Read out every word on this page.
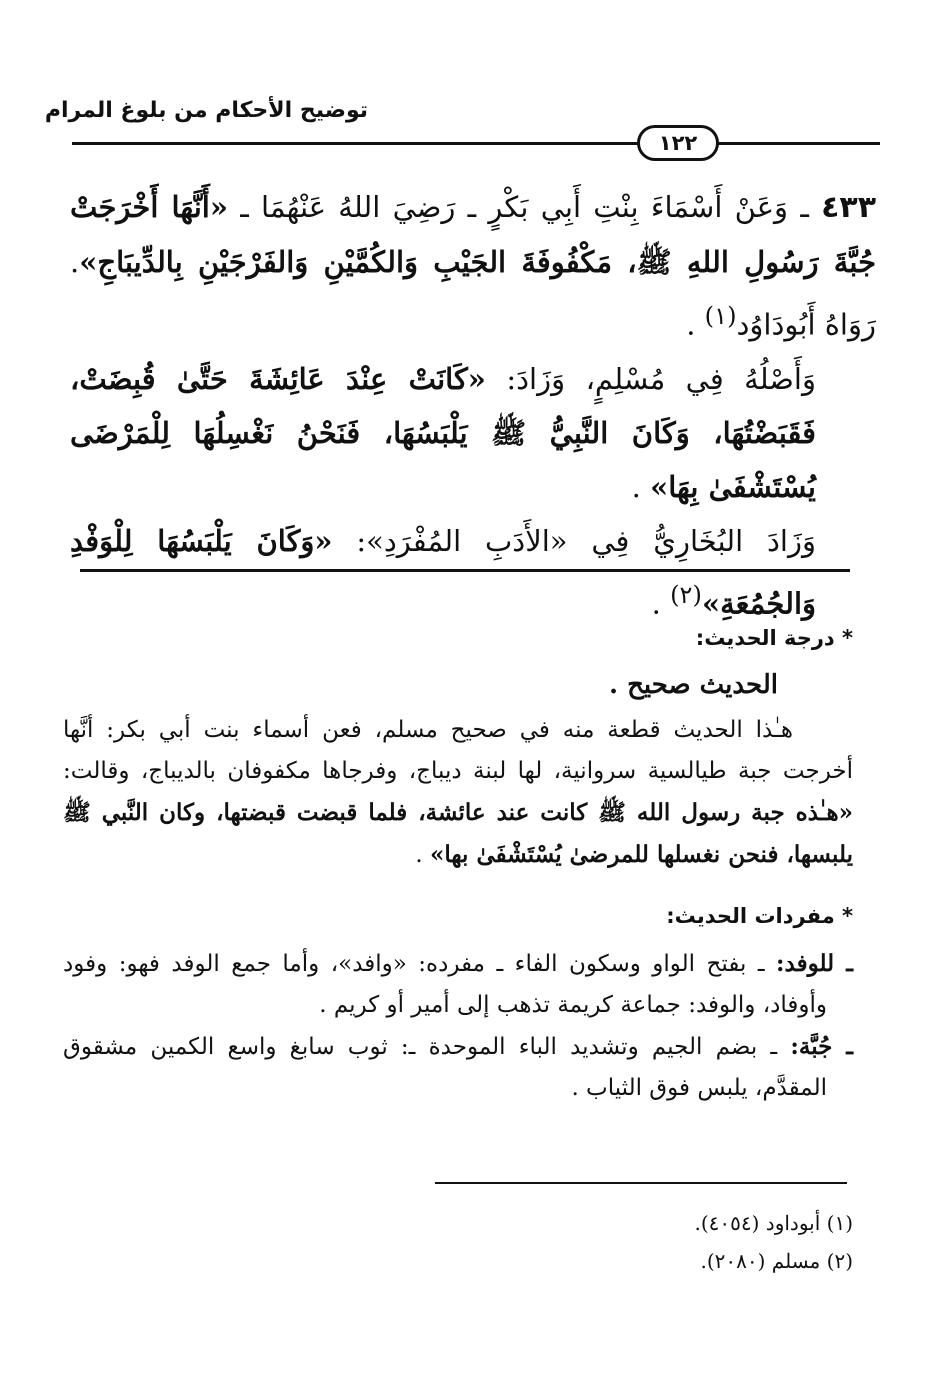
توضيح الأحكام من بلوغ المرام
١٢٢

٤٣٣ ـ وَعَنْ أَسْمَاءَ بِنْتِ أَبِي بَكْرٍ ـ رَضِيَ اللهُ عَنْهُمَا ـ «أَنَّهَا أَخْرَجَتْ جُبَّةَ رَسُولِ اللهِ ﷺ، مَكْفُوفَةَ الجَيْبِ وَالكُمَّيْنِ وَالفَرْجَيْنِ بِالدِّيبَاجِ». رَوَاهُ أَبُودَاوُد$^{(١)}$ .

وَأَصْلُهُ فِي مُسْلِمٍ، وَزَادَ: «كَانَتْ عِنْدَ عَائِشَةَ حَتَّىٰ قُبِضَتْ، فَقَبَضْتُهَا، وَكَانَ النَّبِيُّ ﷺ يَلْبَسُهَا، فَنَحْنُ نَغْسِلُهَا لِلْمَرْضَى يُسْتَشْفَىٰ بِهَا» .

وَزَادَ البُخَارِيُّ فِي «الأَدَبِ المُفْرَدِ»: «وَكَانَ يَلْبَسُهَا لِلْوَفْدِ وَالجُمُعَةِ»$^{(٢)}$ .

* درجة الحديث:
الحديث صحيح .

هـٰذا الحديث قطعة منه في صحيح مسلم، فعن أسماء بنت أبي بكر: أنَّها أخرجت جبة طيالسية سروانية، لها لبنة ديباج، وفرجاها مكفوفان بالديباج، وقالت: «هـٰذه جبة رسول الله ﷺ كانت عند عائشة، فلما قبضت قبضتها، وكان النَّبي ﷺ يلبسها، فنحن نغسلها للمرضىٰ يُسْتَشْفَىٰ بها» .

* مفردات الحديث:

ـ للوفد: ـ بفتح الواو وسكون الفاء ـ مفرده: «وافد»، وأما جمع الوفد فهو: وفود وأوفاد، والوفد: جماعة كريمة تذهب إلى أمير أو كريم .

ـ جُبَّة: ـ بضم الجيم وتشديد الباء الموحدة ـ: ثوب سابغ واسع الكمين مشقوق المقدَّم، يلبس فوق الثياب .

(١) أبوداود (٤٠٥٤).
(٢) مسلم (٢٠٨٠).
